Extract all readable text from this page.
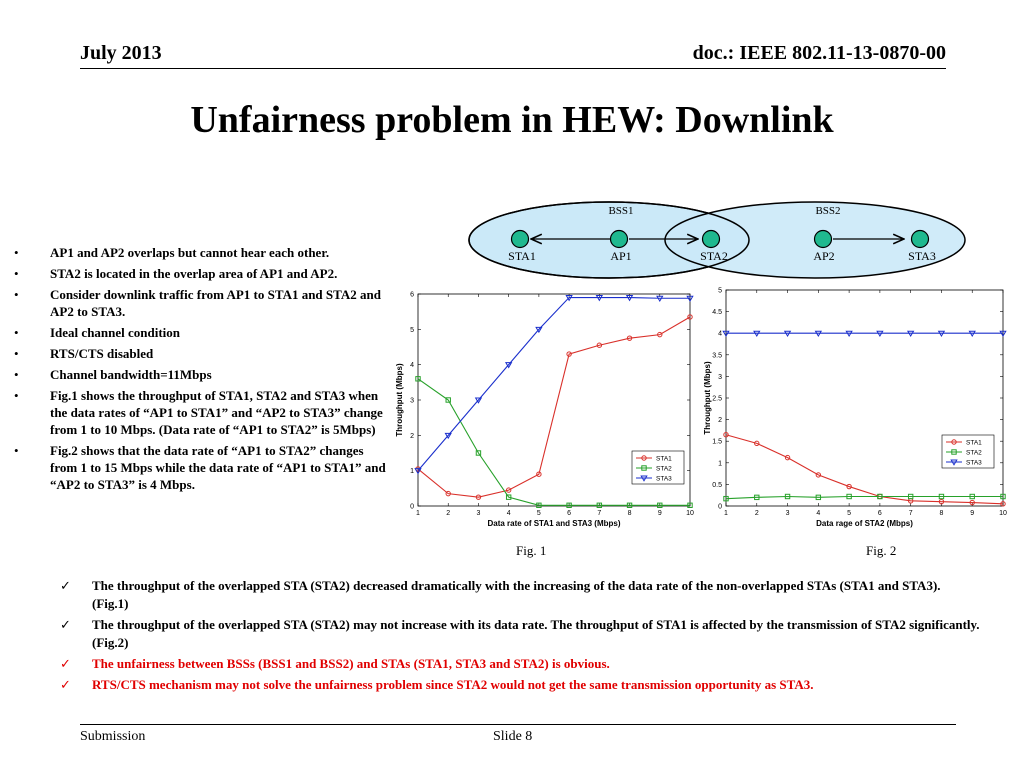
July 2013	doc.: IEEE 802.11-13-0870-00
Unfairness problem in HEW: Downlink
• AP1 and AP2 overlaps but cannot hear each other.
• STA2 is located in the overlap area of AP1 and AP2.
• Consider downlink traffic from AP1 to STA1 and STA2 and AP2 to STA3.
• Ideal channel condition
• RTS/CTS disabled
• Channel bandwidth=11Mbps
• Fig.1 shows the throughput of STA1, STA2 and STA3 when the data rates of “AP1 to STA1” and “AP2 to STA3” change from 1 to 10 Mbps. (Data rate of “AP1 to STA2” is 5Mbps)
• Fig.2 shows that the data rate of “AP1 to STA2” changes from 1 to 15 Mbps while the data rate of “AP1 to STA1” and “AP2 to STA3” is 4 Mbps.
BSS1	BSS2
STA1	AP1	STA2	AP2	STA3
1	2	3	4	5	6	7	8	9	10
0
1
2
3
4
5
6
Data rate of STA1 and STA3 (Mbps)
Throughput (Mbps)
STA1
STA2
STA3
1	2	3	4	5	6	7	8	9	10
0
0.5
1
1.5
2
2.5
3
3.5
4
4.5
5
Data rage of STA2 (Mbps)
Throughput (Mbps)
STA1
STA2
STA3
Fig. 1	Fig. 2
✓ The throughput of the overlapped STA (STA2) decreased dramatically with the increasing of the data rate of the non-overlapped STAs (STA1 and STA3). (Fig.1)
✓ The throughput of the overlapped STA (STA2) may not increase with its data rate. The throughput of STA1 is affected by the transmission of STA2 significantly. (Fig.2)
✓ The unfairness between BSSs (BSS1 and BSS2) and STAs (STA1, STA3 and STA2) is obvious.
✓ RTS/CTS mechanism may not solve the unfairness problem since STA2 would not get the same transmission opportunity as STA3.
Submission	Slide 8
